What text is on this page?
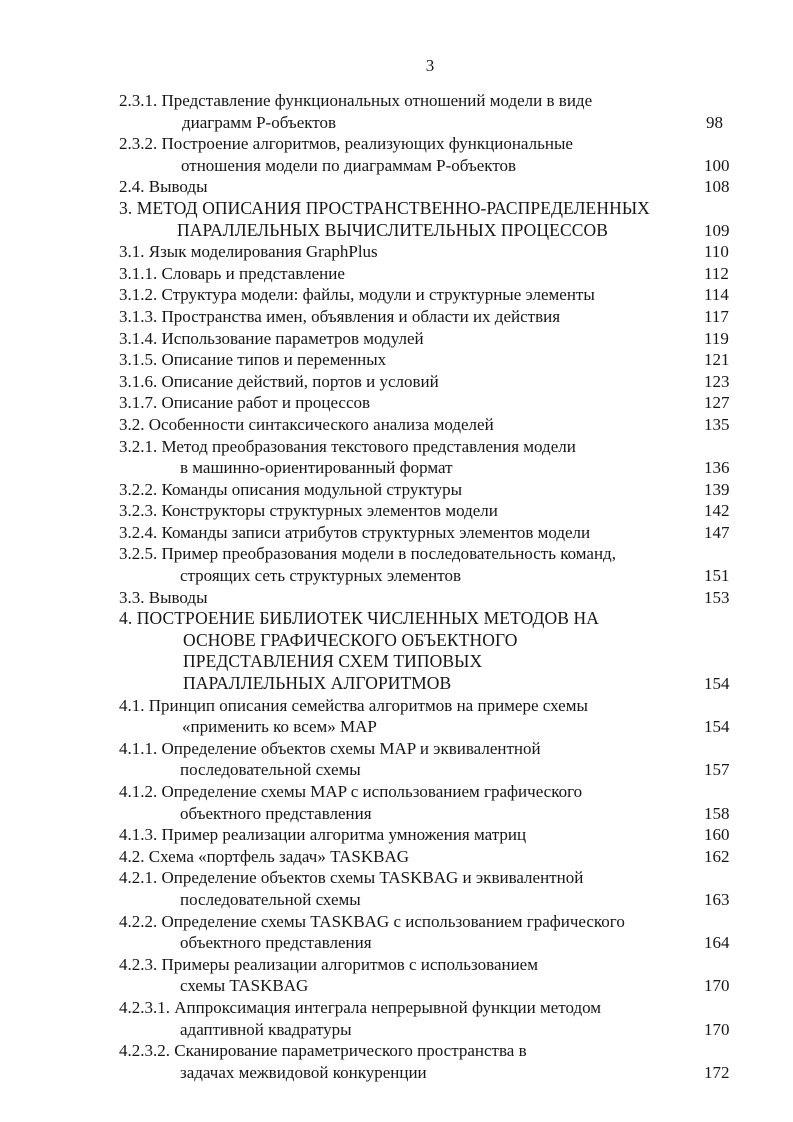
3
2.3.1. Представление функциональных отношений модели в виде
диаграмм Р-объектов	98
2.3.2. Построение алгоритмов, реализующих функциональные
отношения модели по диаграммам Р-объектов	100
2.4. Выводы	108
3. МЕТОД ОПИСАНИЯ ПРОСТРАНСТВЕННО-РАСПРЕДЕЛЕННЫХ
ПАРАЛЛЕЛЬНЫХ ВЫЧИСЛИТЕЛЬНЫХ ПРОЦЕССОВ	109
3.1. Язык моделирования GraphPlus	110
3.1.1. Словарь и представление	112
3.1.2. Структура модели: файлы, модули и структурные элементы	114
3.1.3. Пространства имен, объявления и области их действия	117
3.1.4. Использование параметров модулей	119
3.1.5. Описание типов и переменных	121
3.1.6. Описание действий, портов и условий	123
3.1.7. Описание работ и процессов	127
3.2. Особенности синтаксического анализа моделей	135
3.2.1. Метод преобразования текстового представления модели
в машинно-ориентированный формат	136
3.2.2. Команды описания модульной структуры	139
3.2.3. Конструкторы структурных элементов модели	142
3.2.4. Команды записи атрибутов структурных элементов модели	147
3.2.5. Пример преобразования модели в последовательность команд,
строящих сеть структурных элементов	151
3.3. Выводы	153
4. ПОСТРОЕНИЕ БИБЛИОТЕК ЧИСЛЕННЫХ МЕТОДОВ НА
ОСНОВЕ ГРАФИЧЕСКОГО ОБЪЕКТНОГО
ПРЕДСТАВЛЕНИЯ СХЕМ ТИПОВЫХ
ПАРАЛЛЕЛЬНЫХ АЛГОРИТМОВ	154
4.1. Принцип описания семейства алгоритмов на примере схемы
«применить ко всем» MAP	154
4.1.1. Определение объектов схемы MAP и эквивалентной
последовательной схемы	157
4.1.2. Определение схемы MAP с использованием графического
объектного представления	158
4.1.3. Пример реализации алгоритма умножения матриц	160
4.2. Схема «портфель задач» TASKBAG	162
4.2.1. Определение объектов схемы TASKBAG и эквивалентной
последовательной схемы	163
4.2.2. Определение схемы TASKBAG с использованием графического
объектного представления	164
4.2.3. Примеры реализации алгоритмов с использованием
схемы TASKBAG	170
4.2.3.1. Аппроксимация интеграла непрерывной функции методом
адаптивной квадратуры	170
4.2.3.2. Сканирование параметрического пространства в
задачах межвидовой конкуренции	172
